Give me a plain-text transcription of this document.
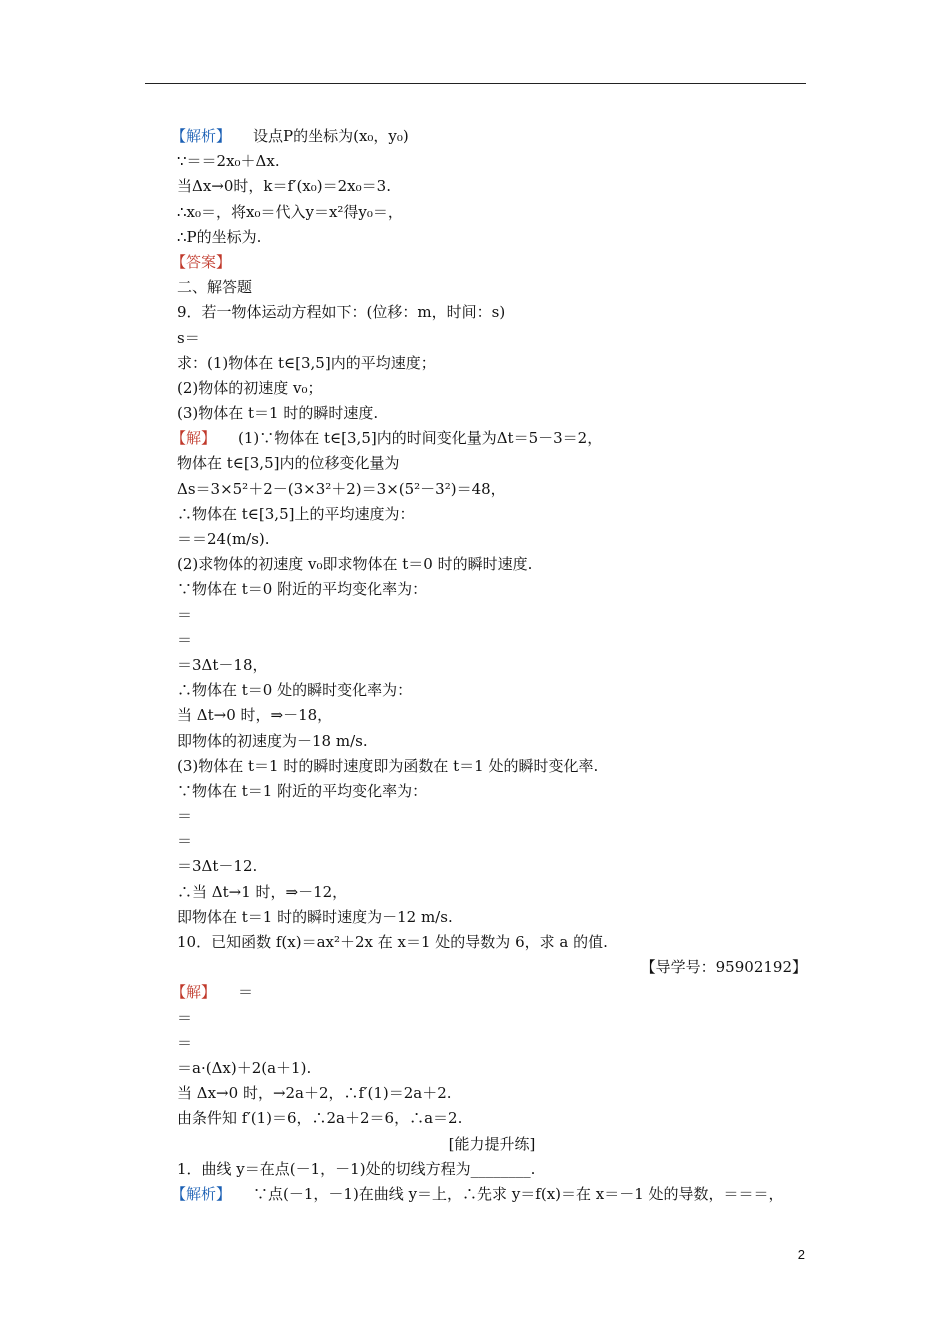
【解析】 设点P的坐标为(x₀，y₀)
∵＝＝2x₀＋Δx.
当Δx→0时，k＝f′(x₀)＝2x₀＝3.
∴x₀＝，将x₀＝代入y＝x²得y₀＝，
∴P的坐标为.
【答案】
二、解答题
9．若一物体运动方程如下：(位移：m，时间：s)
s＝
求：(1)物体在 t∈[3,5]内的平均速度；
(2)物体的初速度 v₀；
(3)物体在 t＝1 时的瞬时速度.
【解】 (1)∵物体在 t∈[3,5]内的时间变化量为Δt＝5－3＝2，
物体在 t∈[3,5]内的位移变化量为
Δs＝3×5²＋2－(3×3²＋2)＝3×(5²－3²)＝48，
∴物体在 t∈[3,5]上的平均速度为：
＝＝24(m/s).
(2)求物体的初速度 v₀即求物体在 t＝0 时的瞬时速度.
∵物体在 t＝0 附近的平均变化率为：
＝
＝
＝3Δt－18，
∴物体在 t＝0 处的瞬时变化率为：
当 Δt→0 时，⇒－18，
即物体的初速度为－18 m/s.
(3)物体在 t＝1 时的瞬时速度即为函数在 t＝1 处的瞬时变化率.
∵物体在 t＝1 附近的平均变化率为：
＝
＝
＝3Δt－12.
∴当 Δt→1 时，⇒－12，
即物体在 t＝1 时的瞬时速度为－12 m/s.
10．已知函数 f(x)＝ax²＋2x 在 x＝1 处的导数为 6，求 a 的值.
【导学号：95902192】
【解】 ＝
＝
＝
＝a·(Δx)＋2(a＋1).
当 Δx→0 时，→2a＋2，∴f′(1)＝2a＋2.
由条件知 f′(1)＝6，∴2a＋2＝6，∴a＝2.
[能力提升练]
1．曲线 y＝在点(－1，－1)处的切线方程为________.
【解析】 ∵点(－1，－1)在曲线 y＝上，∴先求 y＝f(x)＝在 x＝－1 处的导数，＝＝＝，
2
